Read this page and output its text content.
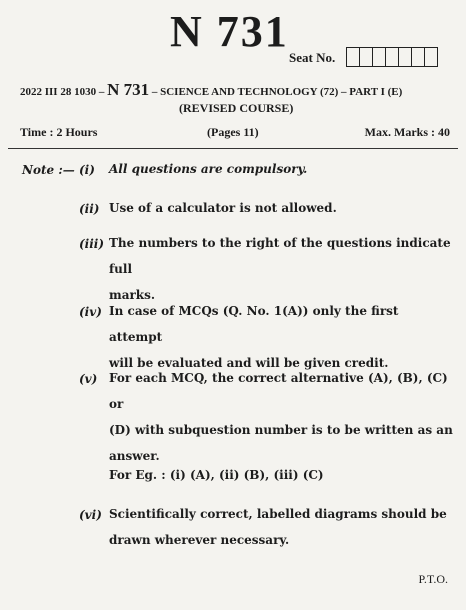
N 731
Seat No.
2022 III 28 1030 – N 731 – SCIENCE AND TECHNOLOGY (72) – PART I (E)
(REVISED COURSE)
Time : 2 Hours	(Pages 11)	Max. Marks : 40
Note :— (i) All questions are compulsory.
(ii) Use of a calculator is not allowed.
(iii) The numbers to the right of the questions indicate full
marks.
(iv) In case of MCQs (Q. No. 1(A)) only the first attempt
will be evaluated and will be given credit.
(v) For each MCQ, the correct alternative (A), (B), (C) or
(D) with subquestion number is to be written as an
answer.
For Eg. : (i) (A), (ii) (B), (iii) (C)
(vi) Scientifically correct, labelled diagrams should be
drawn wherever necessary.
P.T.O.
